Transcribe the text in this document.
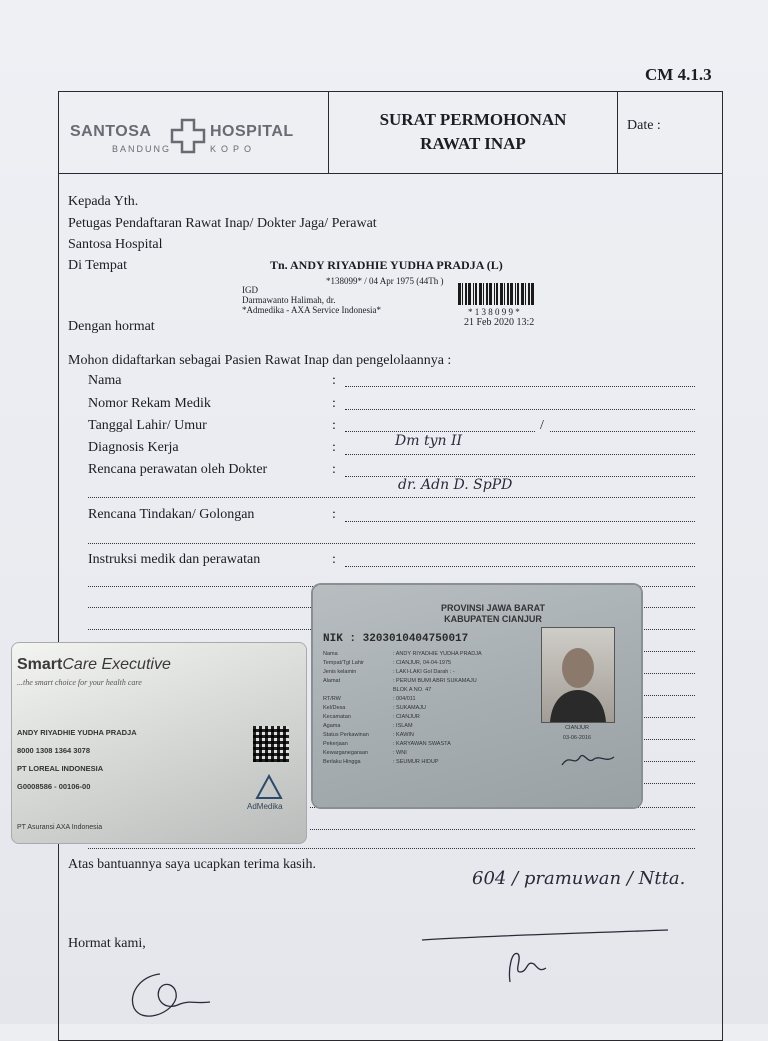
CM 4.1.3
SANTOSA	HOSPITAL
BANDUNG	KOPO
SURAT PERMOHONAN
RAWAT INAP
Date :
Kepada Yth.
Petugas Pendaftaran Rawat Inap/ Dokter Jaga/ Perawat
Santosa Hospital
Di Tempat	Tn. ANDY RIYADHIE YUDHA PRADJA (L)
*138099* / 04 Apr 1975 (44Th )
IGD
Darmawanto Halimah, dr.
*Admedika - AXA Service Indonesia*	* 1 3 8 0 9 9 *
21 Feb 2020 13:2
Dengan hormat
Mohon didaftarkan sebagai Pasien Rawat Inap dan pengelolaannya :
Nama	:
Nomor Rekam Medik	:
Tanggal Lahir/ Umur	:	/
Diagnosis Kerja	:	Dm tyn II
Rencana perawatan oleh Dokter	:
dr. Adn D. SpPD
Rencana Tindakan/ Golongan	:
Instruksi medik dan perawatan	:
SmartCare Executive
...the smart choice for your health care
ANDY RIYADHIE YUDHA PRADJA
8000 1308 1364 3078
PT LOREAL INDONESIA
G0008586 - 00106-00
AdMedika
PT Asuransi AXA Indonesia
PROVINSI JAWA BARAT
KABUPATEN CIANJUR
NIK : 3203010404750017
Nama	: ANDY RIYADHIE YUDHA PRADJA
Tempat/Tgl Lahir	: CIANJUR, 04-04-1975
Jenis kelamin	: LAKI-LAKI Gol Darah : -
Alamat	: PERUM BUMI ABRI SUKAMAJU
BLOK A NO. 47
RT/RW	: 004/011
Kel/Desa	: SUKAMAJU
Kecamatan	: CIANJUR
Agama	: ISLAM
Status Perkawinan	: KAWIN
Pekerjaan	: KARYAWAN SWASTA
Kewarganegaraan	: WNI
Berlaku Hingga	: SEUMUR HIDUP
CIANJUR
03-06-2016
Atas bantuannya saya ucapkan terima kasih.
604 / pramuwan / Ntta.
Hormat kami,
